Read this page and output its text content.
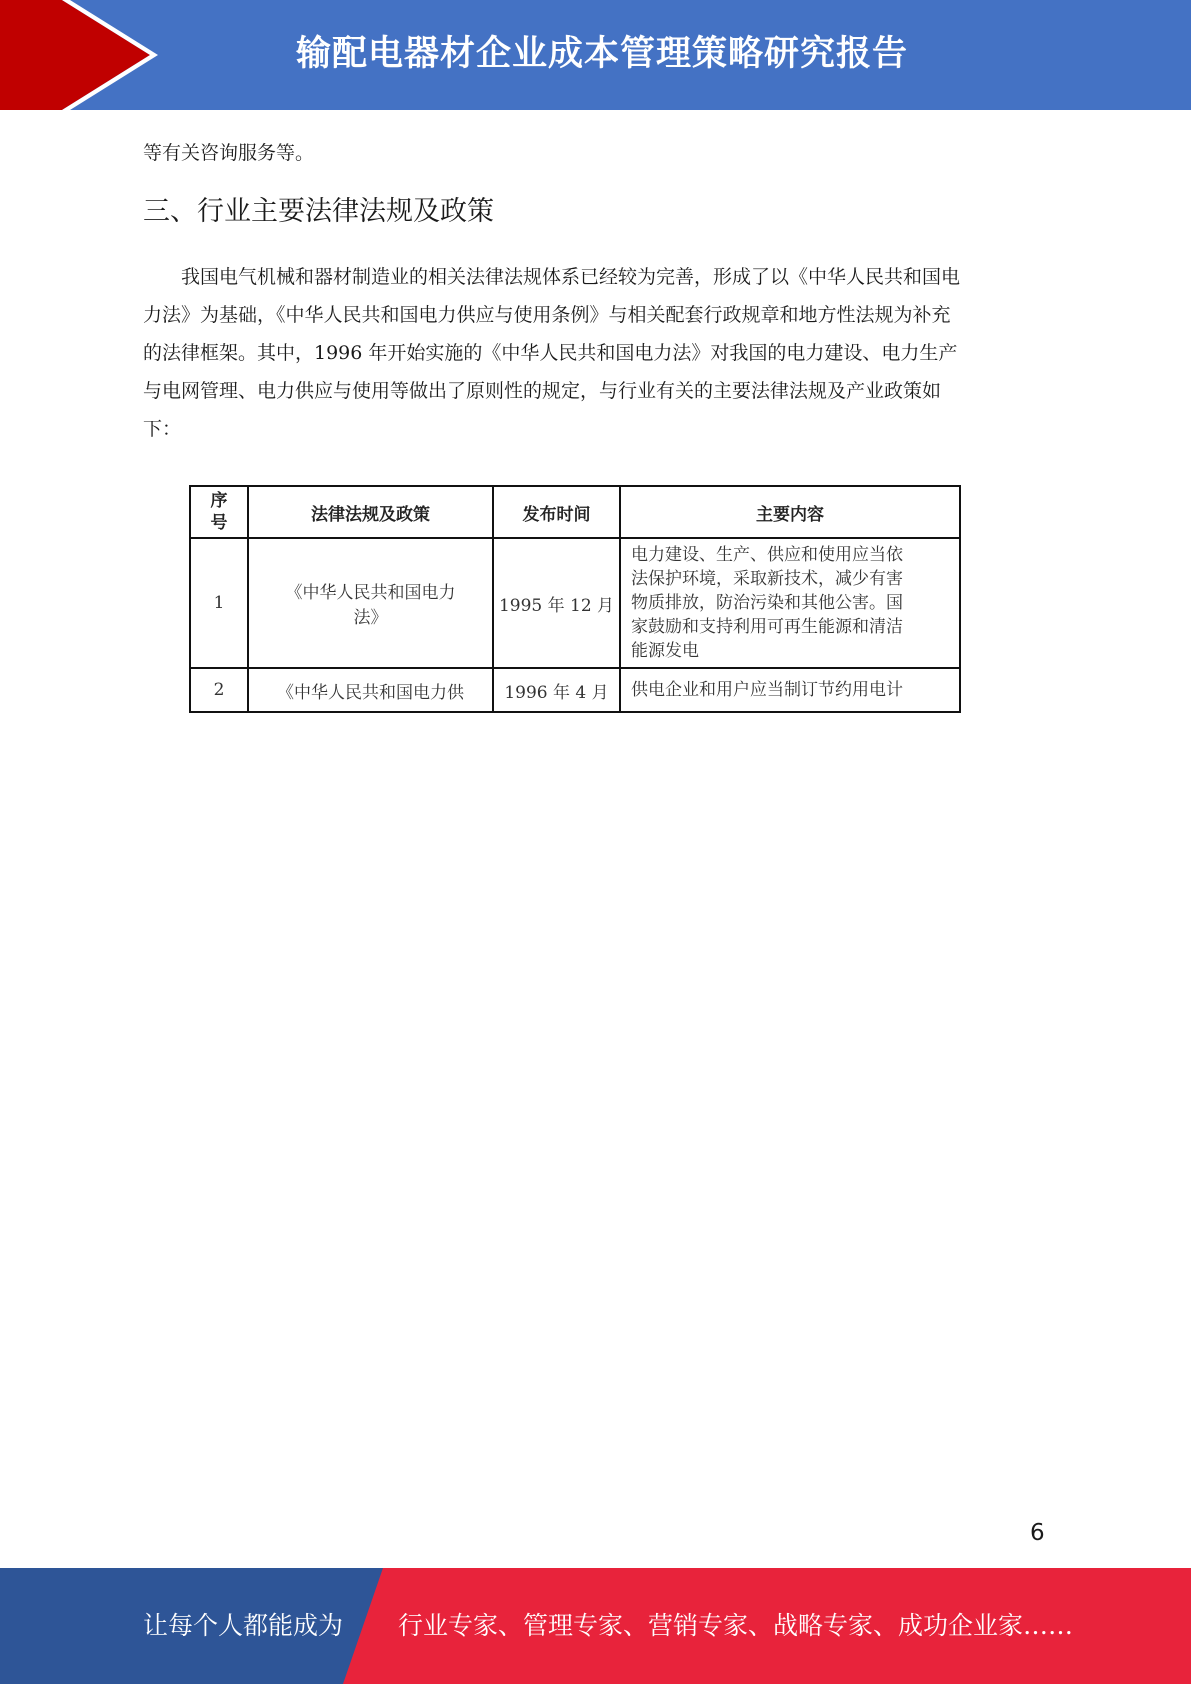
输配电器材企业成本管理策略研究报告
等有关咨询服务等。
三、行业主要法律法规及政策

我国电气机械和器材制造业的相关法律法规体系已经较为完善，形成了以《中华人民共和国电
力法》为基础，《中华人民共和国电力供应与使用条例》与相关配套行政规章和地方性法规为补充
的法律框架。其中，1996 年开始实施的《中华人民共和国电力法》对我国的电力建设、电力生产
与电网管理、电力供应与使用等做出了原则性的规定，与行业有关的主要法律法规及产业政策如
下：

序
号	法律法规及政策	发布时间	主要内容
1	《中华人民共和国电力
法》	1995 年 12 月	电力建设、生产、供应和使用应当依
法保护环境，采取新技术，减少有害
物质排放，防治污染和其他公害。国
家鼓励和支持利用可再生能源和清洁
能源发电
2	《中华人民共和国电力供	1996 年 4 月	供电企业和用户应当制订节约用电计
6
让每个人都能成为 行业专家、管理专家、营销专家、战略专家、成功企业家……
